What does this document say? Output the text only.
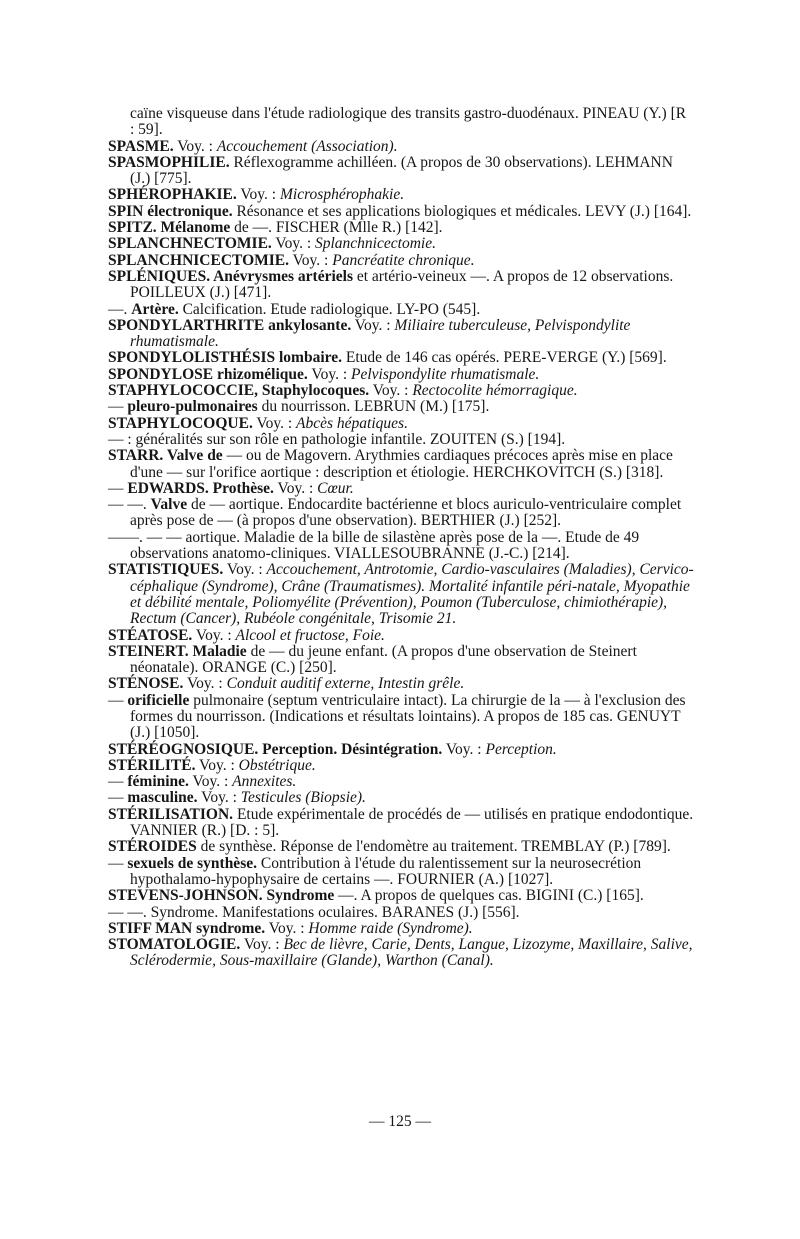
caïne visqueuse dans l'étude radiologique des transits gastro-duodénaux. PINEAU (Y.) [R : 59].

SPASME. Voy. : Accouchement (Association).

SPASMOPHILIE. Réflexogramme achilléen. (A propos de 30 observations). LEHMANN (J.) [775].

SPHÉROPHAKIE. Voy. : Microsphérophakie.

SPIN électronique. Résonance et ses applications biologiques et médicales. LEVY (J.) [164].

SPITZ. Mélanome de —. FISCHER (Mlle R.) [142].

SPLANCHNECTOMIE. Voy. : Splanchnicectomie.

SPLANCHNICECTOMIE. Voy. : Pancréatite chronique.

SPLÉNIQUES. Anévrysmes artériels et artério-veineux —. A propos de 12 observations. POILLEUX (J.) [471].

—. Artère. Calcification. Etude radiologique. LY-PO (545].

SPONDYLARTHRITE ankylosante. Voy. : Miliaire tuberculeuse, Pelvispondylite rhumatismale.

SPONDYLOLISTHÉSIS lombaire. Etude de 146 cas opérés. PERE-VERGE (Y.) [569].

SPONDYLOSE rhizomélique. Voy. : Pelvispondylite rhumatismale.

STAPHYLOCOCCIE, Staphylocoques. Voy. : Rectocolite hémorragique.

— pleuro-pulmonaires du nourrisson. LEBRUN (M.) [175].

STAPHYLOCOQUE. Voy. : Abcès hépatiques.

— : généralités sur son rôle en pathologie infantile. ZOUITEN (S.) [194].

STARR. Valve de — ou de Magovern. Arythmies cardiaques précoces après mise en place d'une — sur l'orifice aortique : description et étiologie. HERCHKOVITCH (S.) [318].

— EDWARDS. Prothèse. Voy. : Cœur.

— —. Valve de — aortique. Endocardite bactérienne et blocs auriculo-ventriculaire complet après pose de — (à propos d'une observation). BERTHIER (J.) [252].

——. — — aortique. Maladie de la bille de silastène après pose de la —. Etude de 49 observations anatomo-cliniques. VIALLESOUBRANNE (J.-C.) [214].

STATISTIQUES. Voy. : Accouchement, Antrotomie, Cardio-vasculaires (Maladies), Cervico-céphalique (Syndrome), Crâne (Traumatismes). Mortalité infantile péri-natale, Myopathie et débilité mentale, Poliomyélite (Prévention), Poumon (Tuberculose, chimiothérapie), Rectum (Cancer), Rubéole congénitale, Trisomie 21.

STÉATOSE. Voy. : Alcool et fructose, Foie.

STEINERT. Maladie de — du jeune enfant. (A propos d'une observation de Steinert néonatale). ORANGE (C.) [250].

STÉNOSE. Voy. : Conduit auditif externe, Intestin grêle.

— orificielle pulmonaire (septum ventriculaire intact). La chirurgie de la — à l'exclusion des formes du nourrisson. (Indications et résultats lointains). A propos de 185 cas. GENUYT (J.) [1050].

STÉRÉOGNOSIQUE. Perception. Désintégration. Voy. : Perception.

STÉRILITÉ. Voy. : Obstétrique.

— féminine. Voy. : Annexites.

— masculine. Voy. : Testicules (Biopsie).

STÉRILISATION. Etude expérimentale de procédés de — utilisés en pratique endodontique. VANNIER (R.) [D. : 5].

STÉROIDES de synthèse. Réponse de l'endomètre au traitement. TREMBLAY (P.) [789].

— sexuels de synthèse. Contribution à l'étude du ralentissement sur la neurosecrétion hypothalamo-hypophysaire de certains —. FOURNIER (A.) [1027].

STEVENS-JOHNSON. Syndrome —. A propos de quelques cas. BIGINI (C.) [165].

— —. Syndrome. Manifestations oculaires. BARANES (J.) [556].

STIFF MAN syndrome. Voy. : Homme raide (Syndrome).

STOMATOLOGIE. Voy. : Bec de lièvre, Carie, Dents, Langue, Lizozyme, Maxillaire, Salive, Sclérodermie, Sous-maxillaire (Glande), Warthon (Canal).

— 125 —
